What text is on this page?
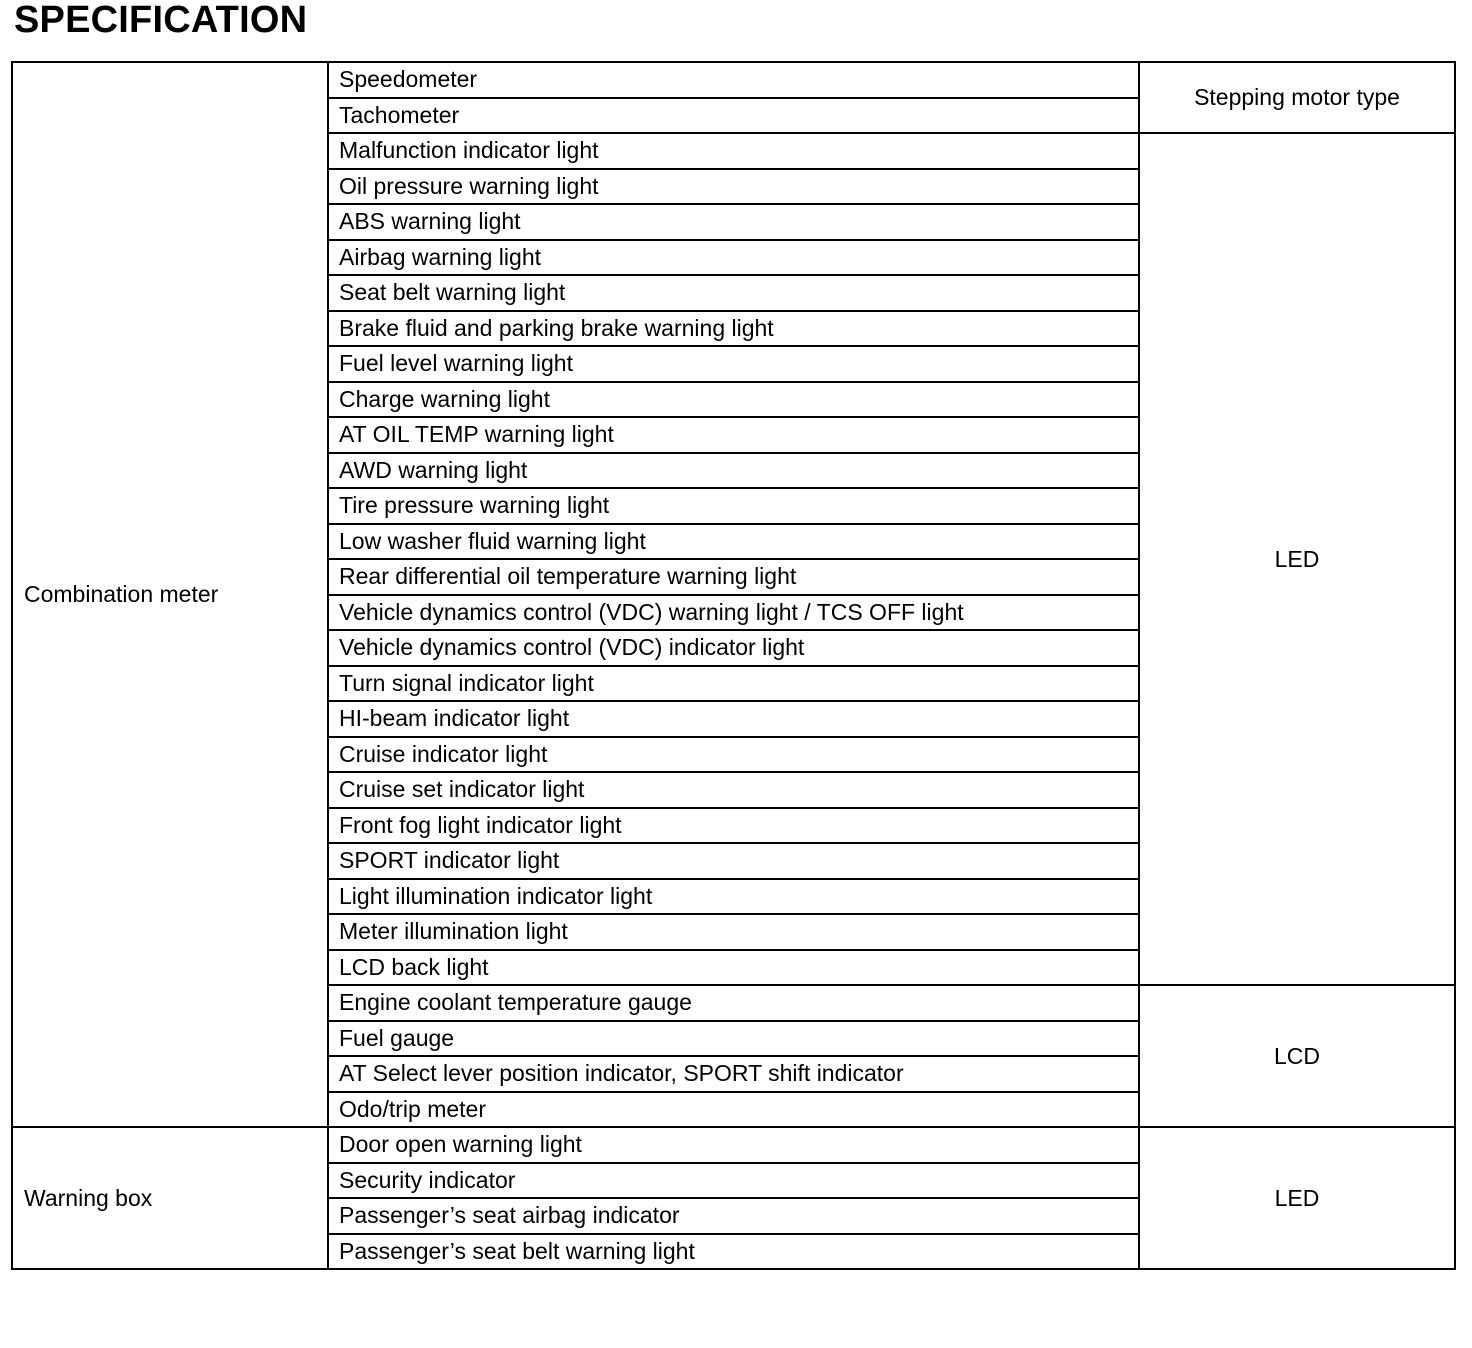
SPECIFICATION
Combination meter	Speedometer	Stepping motor type
	Tachometer	
	Malfunction indicator light	LED
	Oil pressure warning light	
	ABS warning light	
	Airbag warning light	
	Seat belt warning light	
	Brake fluid and parking brake warning light	
	Fuel level warning light	
	Charge warning light	
	AT OIL TEMP warning light	
	AWD warning light	
	Tire pressure warning light	
	Low washer fluid warning light	
	Rear differential oil temperature warning light	
	Vehicle dynamics control (VDC) warning light / TCS OFF light	
	Vehicle dynamics control (VDC) indicator light	
	Turn signal indicator light	
	HI-beam indicator light	
	Cruise indicator light	
	Cruise set indicator light	
	Front fog light indicator light	
	SPORT indicator light	
	Light illumination indicator light	
	Meter illumination light	
	LCD back light	
	Engine coolant temperature gauge	LCD
	Fuel gauge	
	AT Select lever position indicator, SPORT shift indicator	
	Odo/trip meter	
Warning box	Door open warning light	LED
	Security indicator	
	Passenger’s seat airbag indicator	
	Passenger’s seat belt warning light	
